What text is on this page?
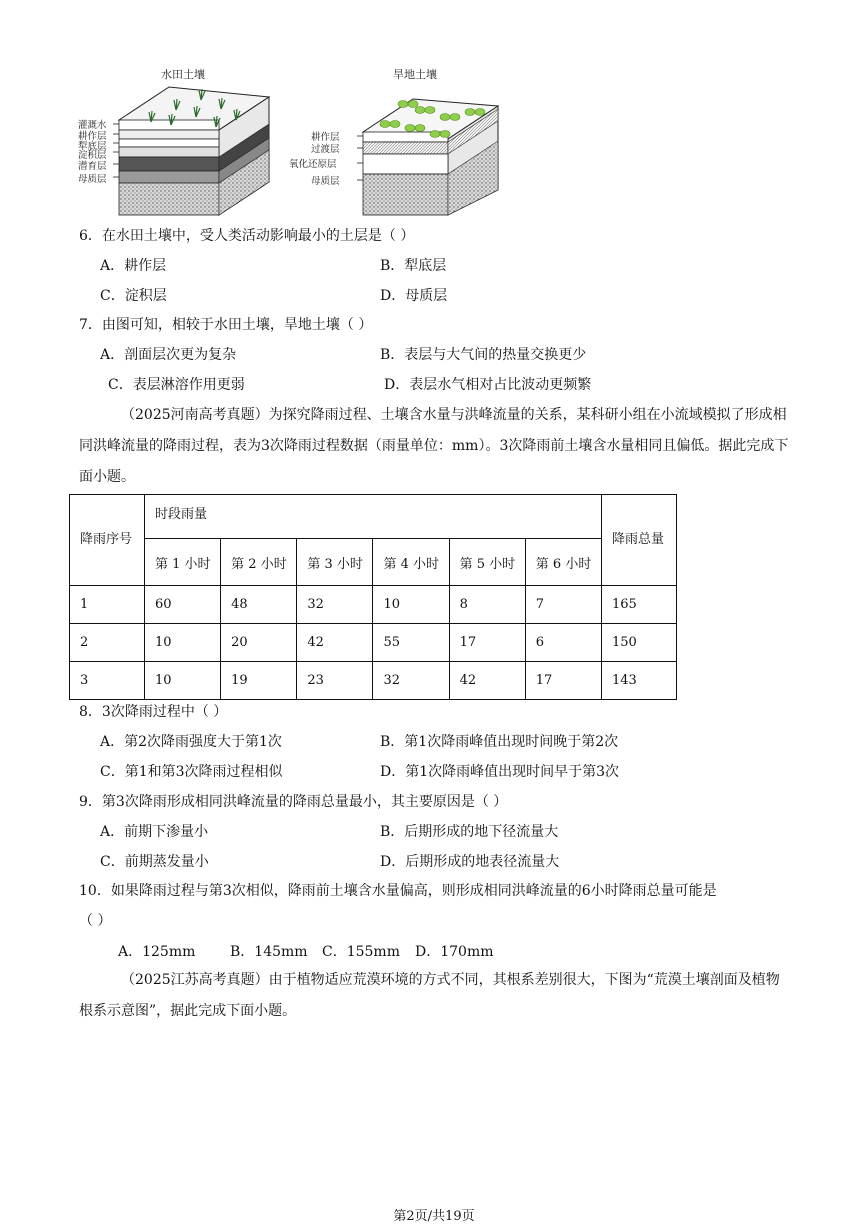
水田土壤
灌溉水
耕作层
犁底层
淀积层
潜育层
母质层
旱地土壤
耕作层
过渡层
氧化还原层
母质层
6．在水田土壤中，受人类活动影响最小的土层是（ ）
A．耕作层	B．犁底层
C．淀积层	D．母质层
7．由图可知，相较于水田土壤，旱地土壤（ ）
A．剖面层次更为复杂	B．表层与大气间的热量交换更少
C．表层淋溶作用更弱	D．表层水气相对占比波动更频繁
（2025河南高考真题）为探究降雨过程、土壤含水量与洪峰流量的关系，某科研小组在小流域模拟了形成相同洪峰流量的降雨过程，表为3次降雨过程数据（雨量单位：mm）。3次降雨前土壤含水量相同且偏低。据此完成下面小题。
降雨序号	时段雨量						降雨总量
	第 1 小时	第 2 小时	第 3 小时	第 4 小时	第 5 小时	第 6 小时	
1	60	48	32	10	8	7	165
2	10	20	42	55	17	6	150
3	10	19	23	32	42	17	143
8．3次降雨过程中（ ）
A．第2次降雨强度大于第1次	B．第1次降雨峰值出现时间晚于第2次
C．第1和第3次降雨过程相似	D．第1次降雨峰值出现时间早于第3次
9．第3次降雨形成相同洪峰流量的降雨总量最小，其主要原因是（ ）
A．前期下渗量小	B．后期形成的地下径流量大
C．前期蒸发量小	D．后期形成的地表径流量大
10．如果降雨过程与第3次相似，降雨前土壤含水量偏高，则形成相同洪峰流量的6小时降雨总量可能是
（ ）
A．125mm B．145mm C．155mm D．170mm
（2025江苏高考真题）由于植物适应荒漠环境的方式不同，其根系差别很大，下图为“荒漠土壤剖面及植物根系示意图”，据此完成下面小题。
第2页/共19页
